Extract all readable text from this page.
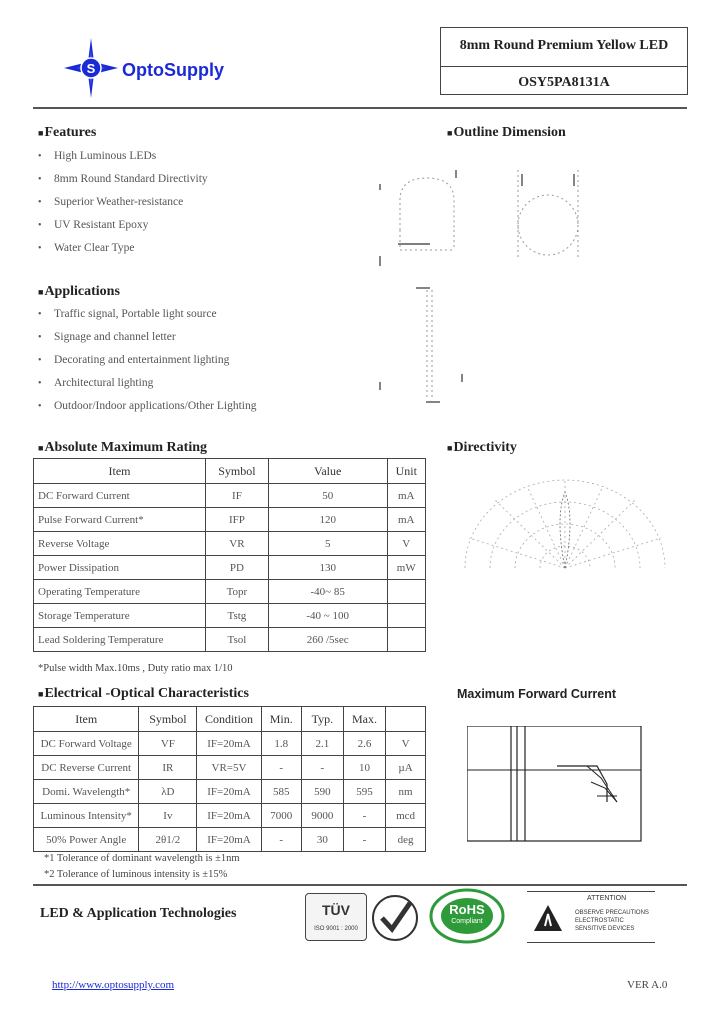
S OptoSupply
8mm Round Premium Yellow LED
OSY5PA8131A
■Features
• High Luminous LEDs
• 8mm Round Standard Directivity
• Superior Weather-resistance
• UV Resistant Epoxy
• Water Clear Type
■Applications
• Traffic signal, Portable light source
• Signage and channel letter
• Decorating and entertainment lighting
• Architectural lighting
• Outdoor/Indoor applications/Other Lighting
■Outline Dimension
■Directivity
■Absolute Maximum Rating
Item	Symbol	Value	Unit
DC Forward Current	IF	50	mA
Pulse Forward Current*	IFP	120	mA
Reverse Voltage	VR	5	V
Power Dissipation	PD	130	mW
Operating Temperature	Topr	-40~ 85	
Storage Temperature	Tstg	-40 ~ 100	
Lead Soldering Temperature	Tsol	260 /5sec	
*Pulse width Max.10ms , Duty ratio max 1/10
■Electrical -Optical Characteristics
Item	Symbol	Condition	Min.	Typ.	Max.	
DC Forward Voltage	VF	IF=20mA	1.8	2.1	2.6	V
DC Reverse Current	IR	VR=5V	-	-	10	µA
Domi. Wavelength*	λD	IF=20mA	585	590	595	nm
Luminous Intensity*	Iv	IF=20mA	7000	9000	-	mcd
50% Power Angle	2θ1/2	IF=20mA	-	30	-	deg
*1 Tolerance of dominant wavelength is ±1nm
*2 Tolerance of luminous intensity is ±15%
Maximum Forward Current
LED & Application Technologies	TÜV
ISO 9001 : 2000
RoHS
Compliant
ATTENTION
OBSERVE PRECAUTIONS
ELECTROSTATIC
SENSITIVE DEVICES
http://www.optosupply.com	VER A.0
